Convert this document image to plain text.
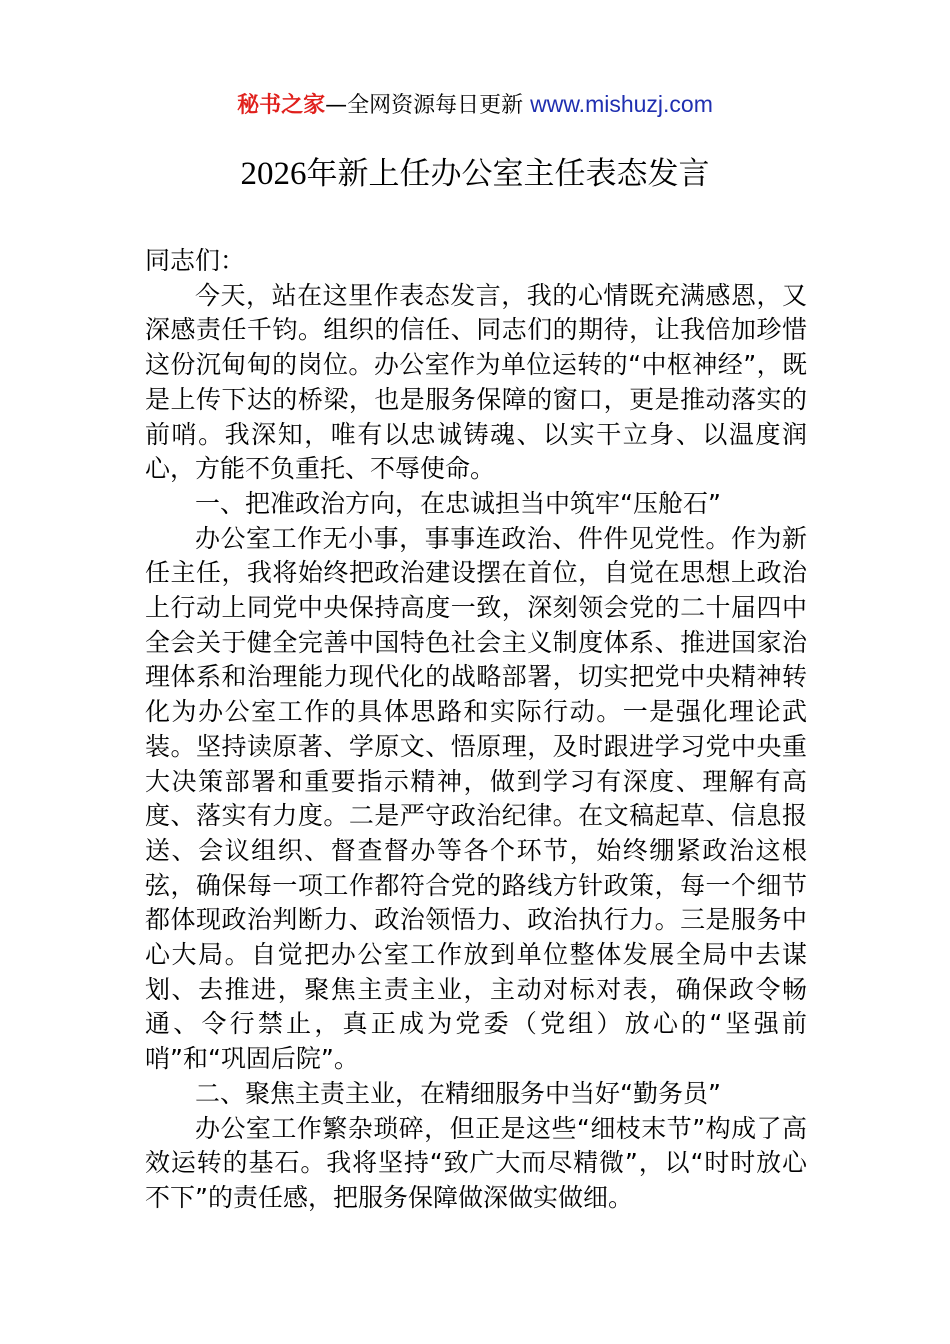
秘书之家—全网资源每日更新 www.mishuzj.com
2026年新上任办公室主任表态发言

同志们：

今天，站在这里作表态发言，我的心情既充满感恩，又深感责任千钧。组织的信任、同志们的期待，让我倍加珍惜这份沉甸甸的岗位。办公室作为单位运转的“中枢神经”，既是上传下达的桥梁，也是服务保障的窗口，更是推动落实的前哨。我深知，唯有以忠诚铸魂、以实干立身、以温度润心，方能不负重托、不辱使命。

一、把准政治方向，在忠诚担当中筑牢“压舱石”

办公室工作无小事，事事连政治、件件见党性。作为新任主任，我将始终把政治建设摆在首位，自觉在思想上政治上行动上同党中央保持高度一致，深刻领会党的二十届四中全会关于健全完善中国特色社会主义制度体系、推进国家治理体系和治理能力现代化的战略部署，切实把党中央精神转化为办公室工作的具体思路和实际行动。一是强化理论武装。坚持读原著、学原文、悟原理，及时跟进学习党中央重大决策部署和重要指示精神，做到学习有深度、理解有高度、落实有力度。二是严守政治纪律。在文稿起草、信息报送、会议组织、督查督办等各个环节，始终绷紧政治这根弦，确保每一项工作都符合党的路线方针政策，每一个细节都体现政治判断力、政治领悟力、政治执行力。三是服务中心大局。自觉把办公室工作放到单位整体发展全局中去谋划、去推进，聚焦主责主业，主动对标对表，确保政令畅通、令行禁止，真正成为党委（党组）放心的“坚强前哨”和“巩固后院”。

二、聚焦主责主业，在精细服务中当好“勤务员”

办公室工作繁杂琐碎，但正是这些“细枝末节”构成了高效运转的基石。我将坚持“致广大而尽精微”，以“时时放心不下”的责任感，把服务保障做深做实做细。
